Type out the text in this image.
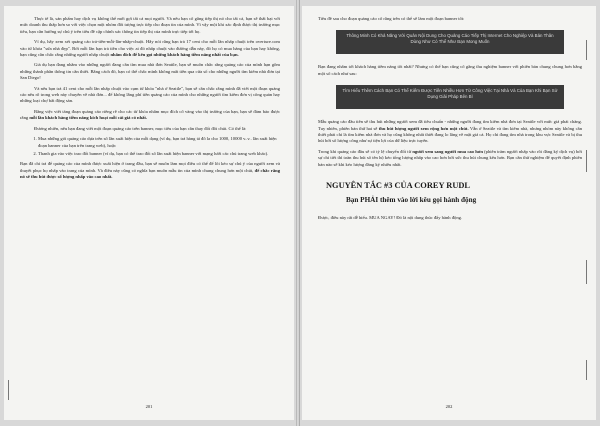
Thực tế là, sản phẩm hay dịch vụ không thể mới gợi tất cả mọi người. Và nếu bạn cố gắng tiếp thị nó cho tất cả, bạn sẽ thất bại với mức doanh thu thấp hơn so với việc chọn một nhóm đối tượng trực tiếp cho đoạn tin của mình. Vì vậy một khi xác định được thị trường mục tiêu, bạn cần hướng sự chú ý trên tiêu đề cặp chính xác thông tin tiếp thị của mình trực tiếp tới họ.

Ví dụ, hãy xem xét quảng cáo trả-tiền-mỗi-lần-nhấp-chuột. Hãy nói rằng bạn trả 17 cent cho mỗi lần nhấp chuột trên overture.com vào từ khóa "sửa nhà đẹp". Bởi mỗi lần bạn trả tiền cho việc ai đó nhấp chuột vào đường dẫn này, đó họ có mua hàng của bạn hay không, bạn cũng cần chắc rằng những người nhấp chuột nhắm đích để kêu gọi những khách hàng tiềm năng nhất của bạn.

Giả dụ bạn đang nhắm vào những người đang cần tìm mua nhà đơn Seattle, bạn sẽ muốn chắc rằng quảng cáo của mình hạn gồm những thành phần thông tin cần thiết. Bằng cách đó, bạn có thể chắc mình không mất tiền qua cửa sổ cho những người tìm kiếm nhà đơn tại San Diego!

Và nếu bạn trả 41 cent cho mỗi lần nhấp chuột vào cụm từ khóa "nhà ở Seattle", bạn sẽ cần chắc rằng mình đã viết một đoạn quảng cáo nêu rõ trong web này chuyên về nhà đơn... để không lãng phí tiền quảng cáo của mình cho những người tìm kiếm đơn vị công quản hay những loại chợ bất động sản.

Bằng việc viết tăng đoạn quảng cáo riêng rẽ cho các từ khóa nhắm mục đích cố vàng vào thị trường của bạn, bạn sẽ đảm bảo được rằng mỗi lần khách hàng tiềm năng kích hoạt mỗi cái giá có nhất.

Đương nhiên, nếu bạn đang viết một đoạn quảng cáo trên banner, mục tiêu của bạn cần thay đổi đôi chút. Có thể là:

1. Mua những gói quảng cáo dựa trên số lần xuất hiện của mỗi dạng (ví dụ, bạn trả hàng tá đô la cho 1000, 10000 v..v.. lần xuất hiện đoạn banner của bạn trên trang web), hoặc
2. Thanh gia vào việc trao đổi banner (ví dụ, bạn có thể trao đổi số lần xuất hiện banner với mạng lưới các chủ trang web khác).

Bạn đã chỉ trả để quảng cáo của mình được xuất hiện ở trang đầu, bạn sẽ muốn làm mọi điều có thể để lôi kéo sự chú ý của người xem và thuyết phục họ nhấp vào trang của mình. Và điều này cũng có nghĩa bạn muốn mẫu tin của mình chung chung hơn một chút, để chắc rằng nó sẽ thu hút được số lượng nhấp vào cao nhất.

201

Tiêu đề sau cho đoạn quảng cáo cố rằng trên có thể sẽ làm một đoạn banner tốt:

Thông Minh Có Khả Năng Với Quản Nội Dung Cho Quảng Cáo Tiếp Thị Internet Cho Nghiệp Và Bản Thân Dùng Như Có Thể Như Bạn Mong Muốn

Bạn đang nhắm tới khách hàng tiềm năng tốt nhất? Nhưng có thể bạn cũng cố gắng thu nghiệm banner với phiên bản chung chung hơn bằng một số cách như sau:

Tìm Hiểu Thêm Cách Bạn Có Thể Kiếm Được Tiền Nhiều Hơn Từ Công Việc Tại Nhà Và Của Bạn Khi Bạn Sử Dụng Giải Pháp Bên Bỉ

Mẫu quảng cáo đầu tiên sẽ thu hút những người xem đã tiêu chuẩn - những người đang tìm kiếm nhà đơn tại Seattle với mức giá phải chăng. Tuy nhiên, phiên bản thứ hai sẽ thu hút lượng người xem rộng hơn một chút. Vẫn ở Seattle và tìm kiếm nhà, nhưng nhóm này không cần thiết phải chỉ là tìm kiếm nhà đơn và họ cũng không nhất thiết đang lo lắng về mặt giá cả. Họ chỉ đang tìm nhà trong khu vực Seattle và bị thu hút bởi số lượng công như sự tiện lợi của dữ liệu trực tuyến.

Trong khi quảng cáo đầu sẽ có tỷ lệ chuyển đổi từ người xem sang người mua cao hơn (phiên trăm người nhấp vào rồi đăng ký dịch vụ) bởi sự chỉ tiết thì toàn thu hút số tên hộ kéo tổng lượng nhấp vào cao hơn bởi sức thu hút chung kêu hơn. Bạn cần thử nghiệm để quyết định phiên bản nào sẽ khi kéo lượng đăng ký nhiều nhất.

NGUYÊN TẮC #3 CỦA COREY RUDL
Bạn PHẢI thêm vào lời kêu gọi hành động

Được, điều này rất dễ hiểu. MUA NGAY! Đó là nội dung thúc đẩy hành động.

202
